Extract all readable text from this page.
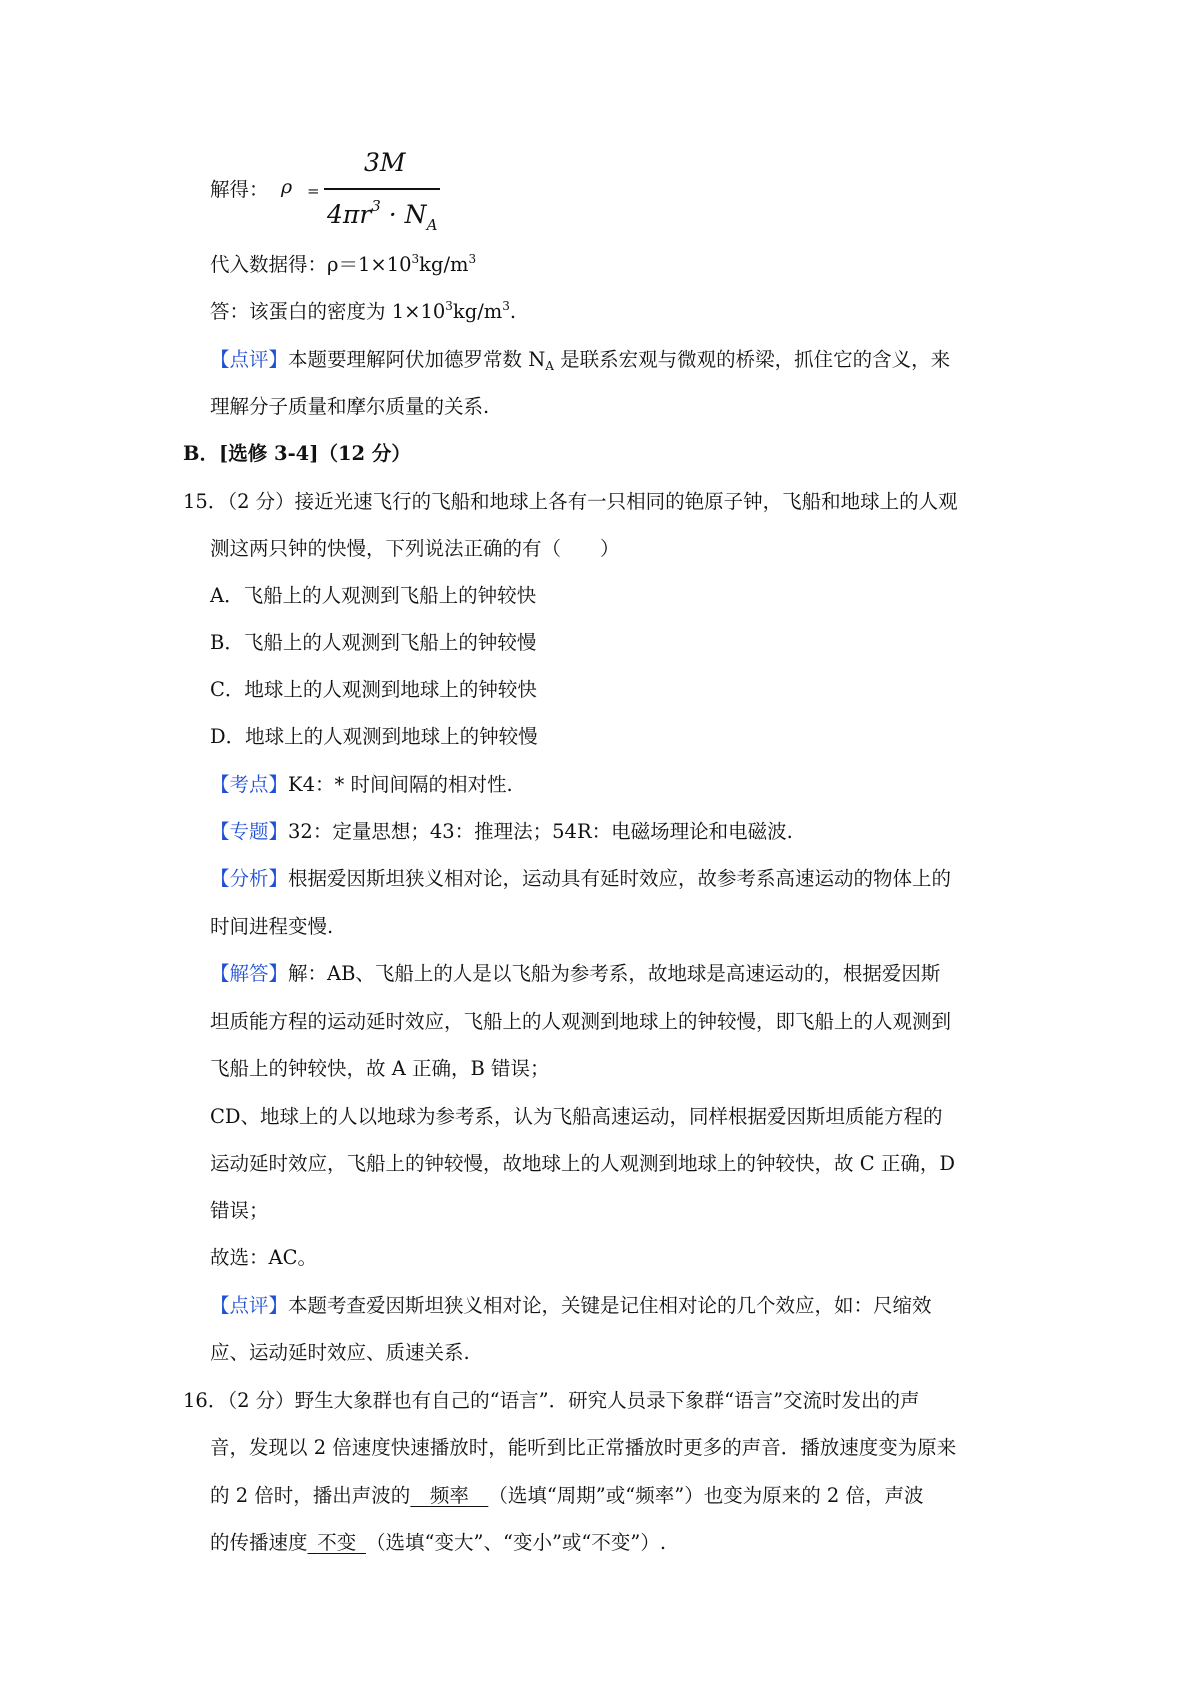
解得： ρ =
3M
$4\pi r^3 \cdot N_A$
代入数据得：$\rho=1\times 10^3kg/m^3$
答：该蛋白的密度为 $1\times 10^3kg/m^3$.
【点评】本题要理解阿伏加德罗常数 $N_A$ 是联系宏观与微观的桥梁，抓住它的含义，来
理解分子质量和摩尔质量的关系.
B．[选修 3-4]（12 分）
15．（2 分）接近光速飞行的飞船和地球上各有一只相同的铯原子钟，飞船和地球上的人观
测这两只钟的快慢，下列说法正确的有（　　）
A．飞船上的人观测到飞船上的钟较快
B．飞船上的人观测到飞船上的钟较慢
C．地球上的人观测到地球上的钟较快
D．地球上的人观测到地球上的钟较慢
【考点】K4：* 时间间隔的相对性.
【专题】32：定量思想；43：推理法；54R：电磁场理论和电磁波.
【分析】根据爱因斯坦狭义相对论，运动具有延时效应，故参考系高速运动的物体上的
时间进程变慢.
【解答】解：AB、飞船上的人是以飞船为参考系，故地球是高速运动的，根据爱因斯
坦质能方程的运动延时效应，飞船上的人观测到地球上的钟较慢，即飞船上的人观测到
飞船上的钟较快，故 A 正确，B 错误；
CD、地球上的人以地球为参考系，认为飞船高速运动，同样根据爱因斯坦质能方程的
运动延时效应，飞船上的钟较慢，故地球上的人观测到地球上的钟较快，故 C 正确，D
错误；
故选：AC。
【点评】本题考查爱因斯坦狭义相对论，关键是记住相对论的几个效应，如：尺缩效
应、运动延时效应、质速关系.
16．（2 分）野生大象群也有自己的“语言”．研究人员录下象群“语言”交流时发出的声
音，发现以 2 倍速度快速播放时，能听到比正常播放时更多的声音．播放速度变为原来
的 2 倍时，播出声波的  频率  （选填“周期”或“频率”）也变为原来的 2 倍，声波
的传播速度  不变  （选填“变大”、“变小”或“不变”）.
